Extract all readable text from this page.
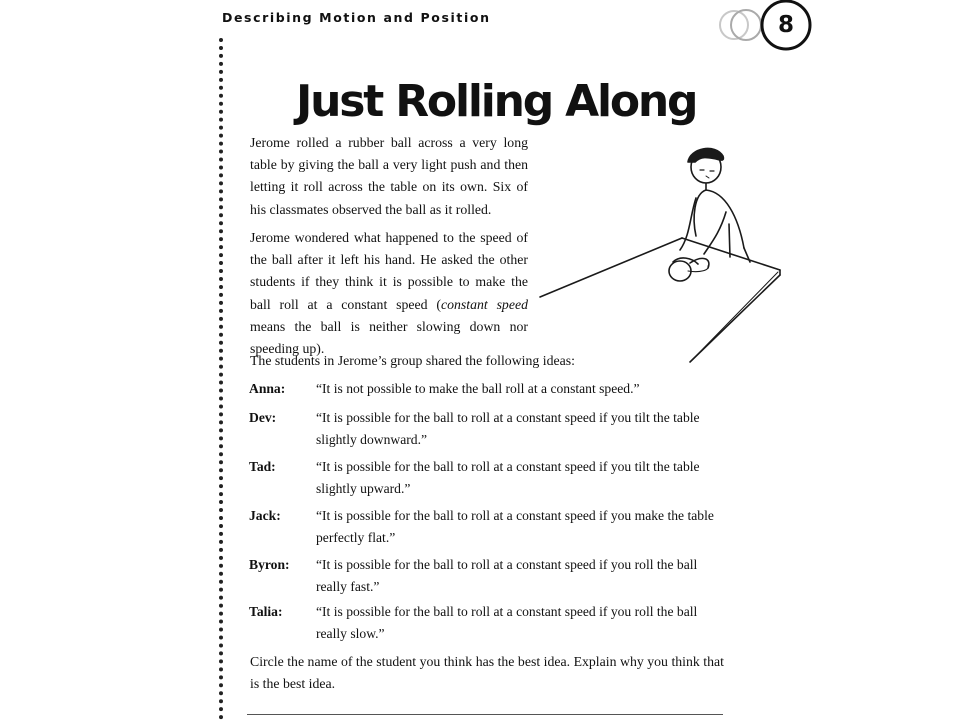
Describing Motion and Position	8
Just Rolling Along

Jerome rolled a rubber ball across a very long table by giving the ball a very light push and then letting it roll across the table on its own. Six of his classmates observed the ball as it rolled.

Jerome wondered what happened to the speed of the ball after it left his hand. He asked the other students if they think it is possible to make the ball roll at a constant speed (constant speed means the ball is neither slowing down nor speeding up).

The students in Jerome’s group shared the following ideas:

Anna: “It is not possible to make the ball roll at a constant speed.”
Dev:	“It is possible for the ball to roll at a constant speed if you tilt the table slightly downward.”
Tad:	“It is possible for the ball to roll at a constant speed if you tilt the table slightly upward.”
Jack:	“It is possible for the ball to roll at a constant speed if you make the table perfectly flat.”
Byron: “It is possible for the ball to roll at a constant speed if you roll the ball really fast.”
Talia: “It is possible for the ball to roll at a constant speed if you roll the ball really slow.”

Circle the name of the student you think has the best idea. Explain why you think that is the best idea.
